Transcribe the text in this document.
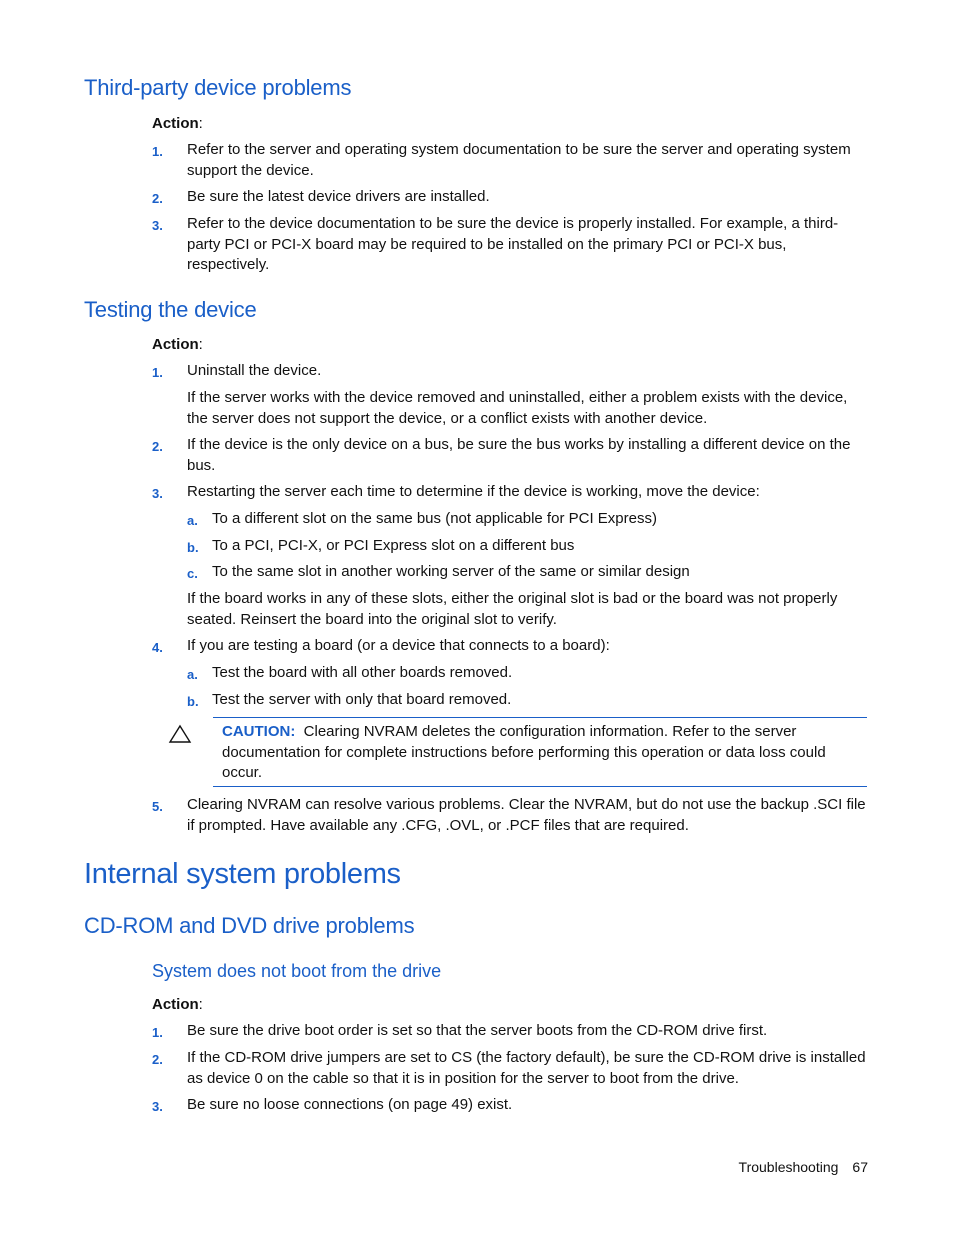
Third-party device problems
Action:
1. Refer to the server and operating system documentation to be sure the server and operating system support the device.
2. Be sure the latest device drivers are installed.
3. Refer to the device documentation to be sure the device is properly installed. For example, a third-party PCI or PCI-X board may be required to be installed on the primary PCI or PCI-X bus, respectively.
Testing the device
Action:
1. Uninstall the device.
If the server works with the device removed and uninstalled, either a problem exists with the device, the server does not support the device, or a conflict exists with another device.
2. If the device is the only device on a bus, be sure the bus works by installing a different device on the bus.
3. Restarting the server each time to determine if the device is working, move the device:
a. To a different slot on the same bus (not applicable for PCI Express)
b. To a PCI, PCI-X, or PCI Express slot on a different bus
c. To the same slot in another working server of the same or similar design
If the board works in any of these slots, either the original slot is bad or the board was not properly seated. Reinsert the board into the original slot to verify.
4. If you are testing a board (or a device that connects to a board):
a. Test the board with all other boards removed.
b. Test the server with only that board removed.
CAUTION: Clearing NVRAM deletes the configuration information. Refer to the server documentation for complete instructions before performing this operation or data loss could occur.
5. Clearing NVRAM can resolve various problems. Clear the NVRAM, but do not use the backup .SCI file if prompted. Have available any .CFG, .OVL, or .PCF files that are required.
Internal system problems
CD-ROM and DVD drive problems
System does not boot from the drive
Action:
1. Be sure the drive boot order is set so that the server boots from the CD-ROM drive first.
2. If the CD-ROM drive jumpers are set to CS (the factory default), be sure the CD-ROM drive is installed as device 0 on the cable so that it is in position for the server to boot from the drive.
3. Be sure no loose connections (on page 49) exist.
Troubleshooting 67
